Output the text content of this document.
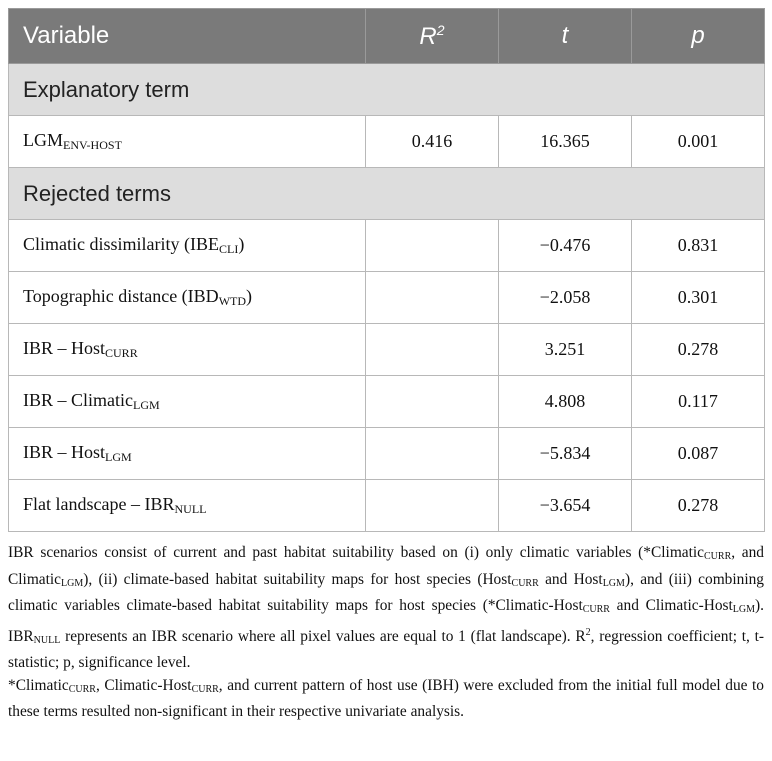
Variable	$R^2$	t	p
Explanatory term			
$LGM_{ENV-HOST}$	0.416	16.365	0.001
Rejected terms			
Climatic dissimilarity $(IBE_{CLI})$		−0.476	0.831
Topographic distance $(IBD_{WTD})$		−2.058	0.301
IBR – Host$_{CURR}$		3.251	0.278
IBR – Climatic$_{LGM}$		4.808	0.117
IBR – Host$_{LGM}$		−5.834	0.087
Flat landscape – $IBR_{NULL}$		−3.654	0.278

IBR scenarios consist of current and past habitat suitability based on (i) only climatic variables (*Climatic$_{CURR}$, and Climatic$_{LGM}$), (ii) climate-based habitat suitability maps for host species (Host$_{CURR}$ and Host$_{LGM}$), and (iii) combining climatic variables climate-based habitat suitability maps for host species (*Climatic-Host$_{CURR}$ and Climatic-Host$_{LGM}$). $IBR_{NULL}$ represents an IBR scenario where all pixel values are equal to 1 (flat landscape). $R^2$, regression coefficient; t, t-statistic; p, significance level.

*Climatic$_{CURR}$, Climatic-Host$_{CURR}$, and current pattern of host use (IBH) were excluded from the initial full model due to these terms resulted non-significant in their respective univariate analysis.
